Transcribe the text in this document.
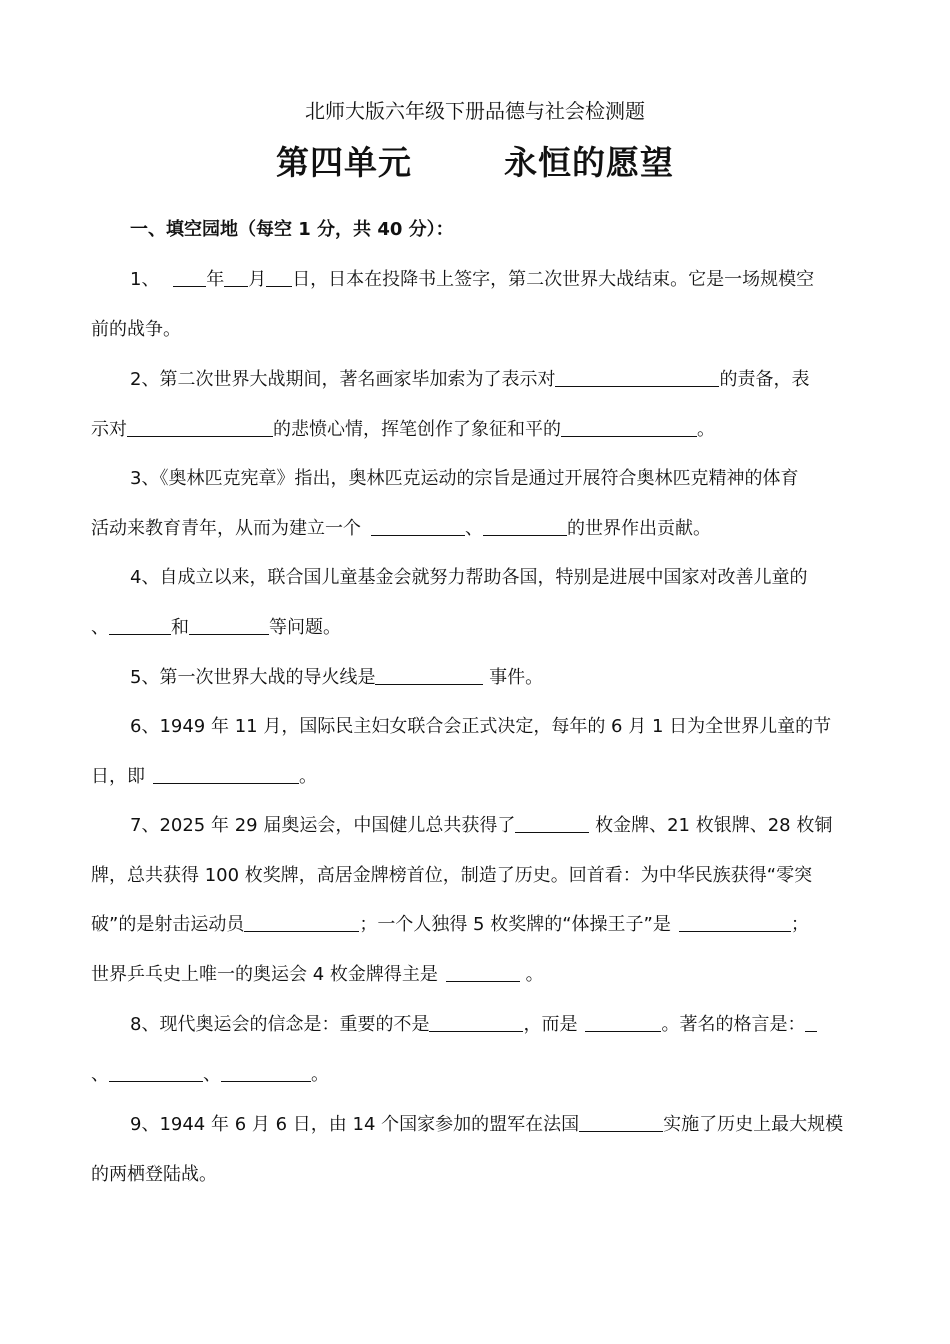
北师大版六年级下册品德与社会检测题
第四单元	永恒的愿望
一、填空园地（每空 1 分，共 40 分）：
1、	年 月 日，日本在投降书上签字，第二次世界大战结束。它是一场规模空
前的战争。
2、第二次世界大战期间，著名画家毕加索为了表示对	的责备，表
示对	的悲愤心情，挥笔创作了象征和平的	。
3、《奥林匹克宪章》指出，奥林匹克运动的宗旨是通过开展符合奥林匹克精神的体育
活动来教育青年，从而为建立一个	、	的世界作出贡献。
4、自成立以来，联合国儿童基金会就努力帮助各国，特别是进展中国家对改善儿童的
、	和	等问题。
5、第一次世界大战的导火线是	事件。
6、1949 年 11 月，国际民主妇女联合会正式决定，每年的 6 月 1 日为全世界儿童的节
日，即	。
7、2025 年 29 届奥运会，中国健儿总共获得了	枚金牌、21 枚银牌、28 枚铜
牌，总共获得 100 枚奖牌，高居金牌榜首位，制造了历史。回首看：为中华民族获得“零突
破”的是射击运动员	；一个人独得 5 枚奖牌的“体操王子”是	；
世界乒乓史上唯一的奥运会 4 枚金牌得主是	。
8、现代奥运会的信念是：重要的不是	，而是	。著名的格言是：
、	、	。
9、1944 年 6 月 6 日，由 14 个国家参加的盟军在法国	实施了历史上最大规模
的两栖登陆战。
